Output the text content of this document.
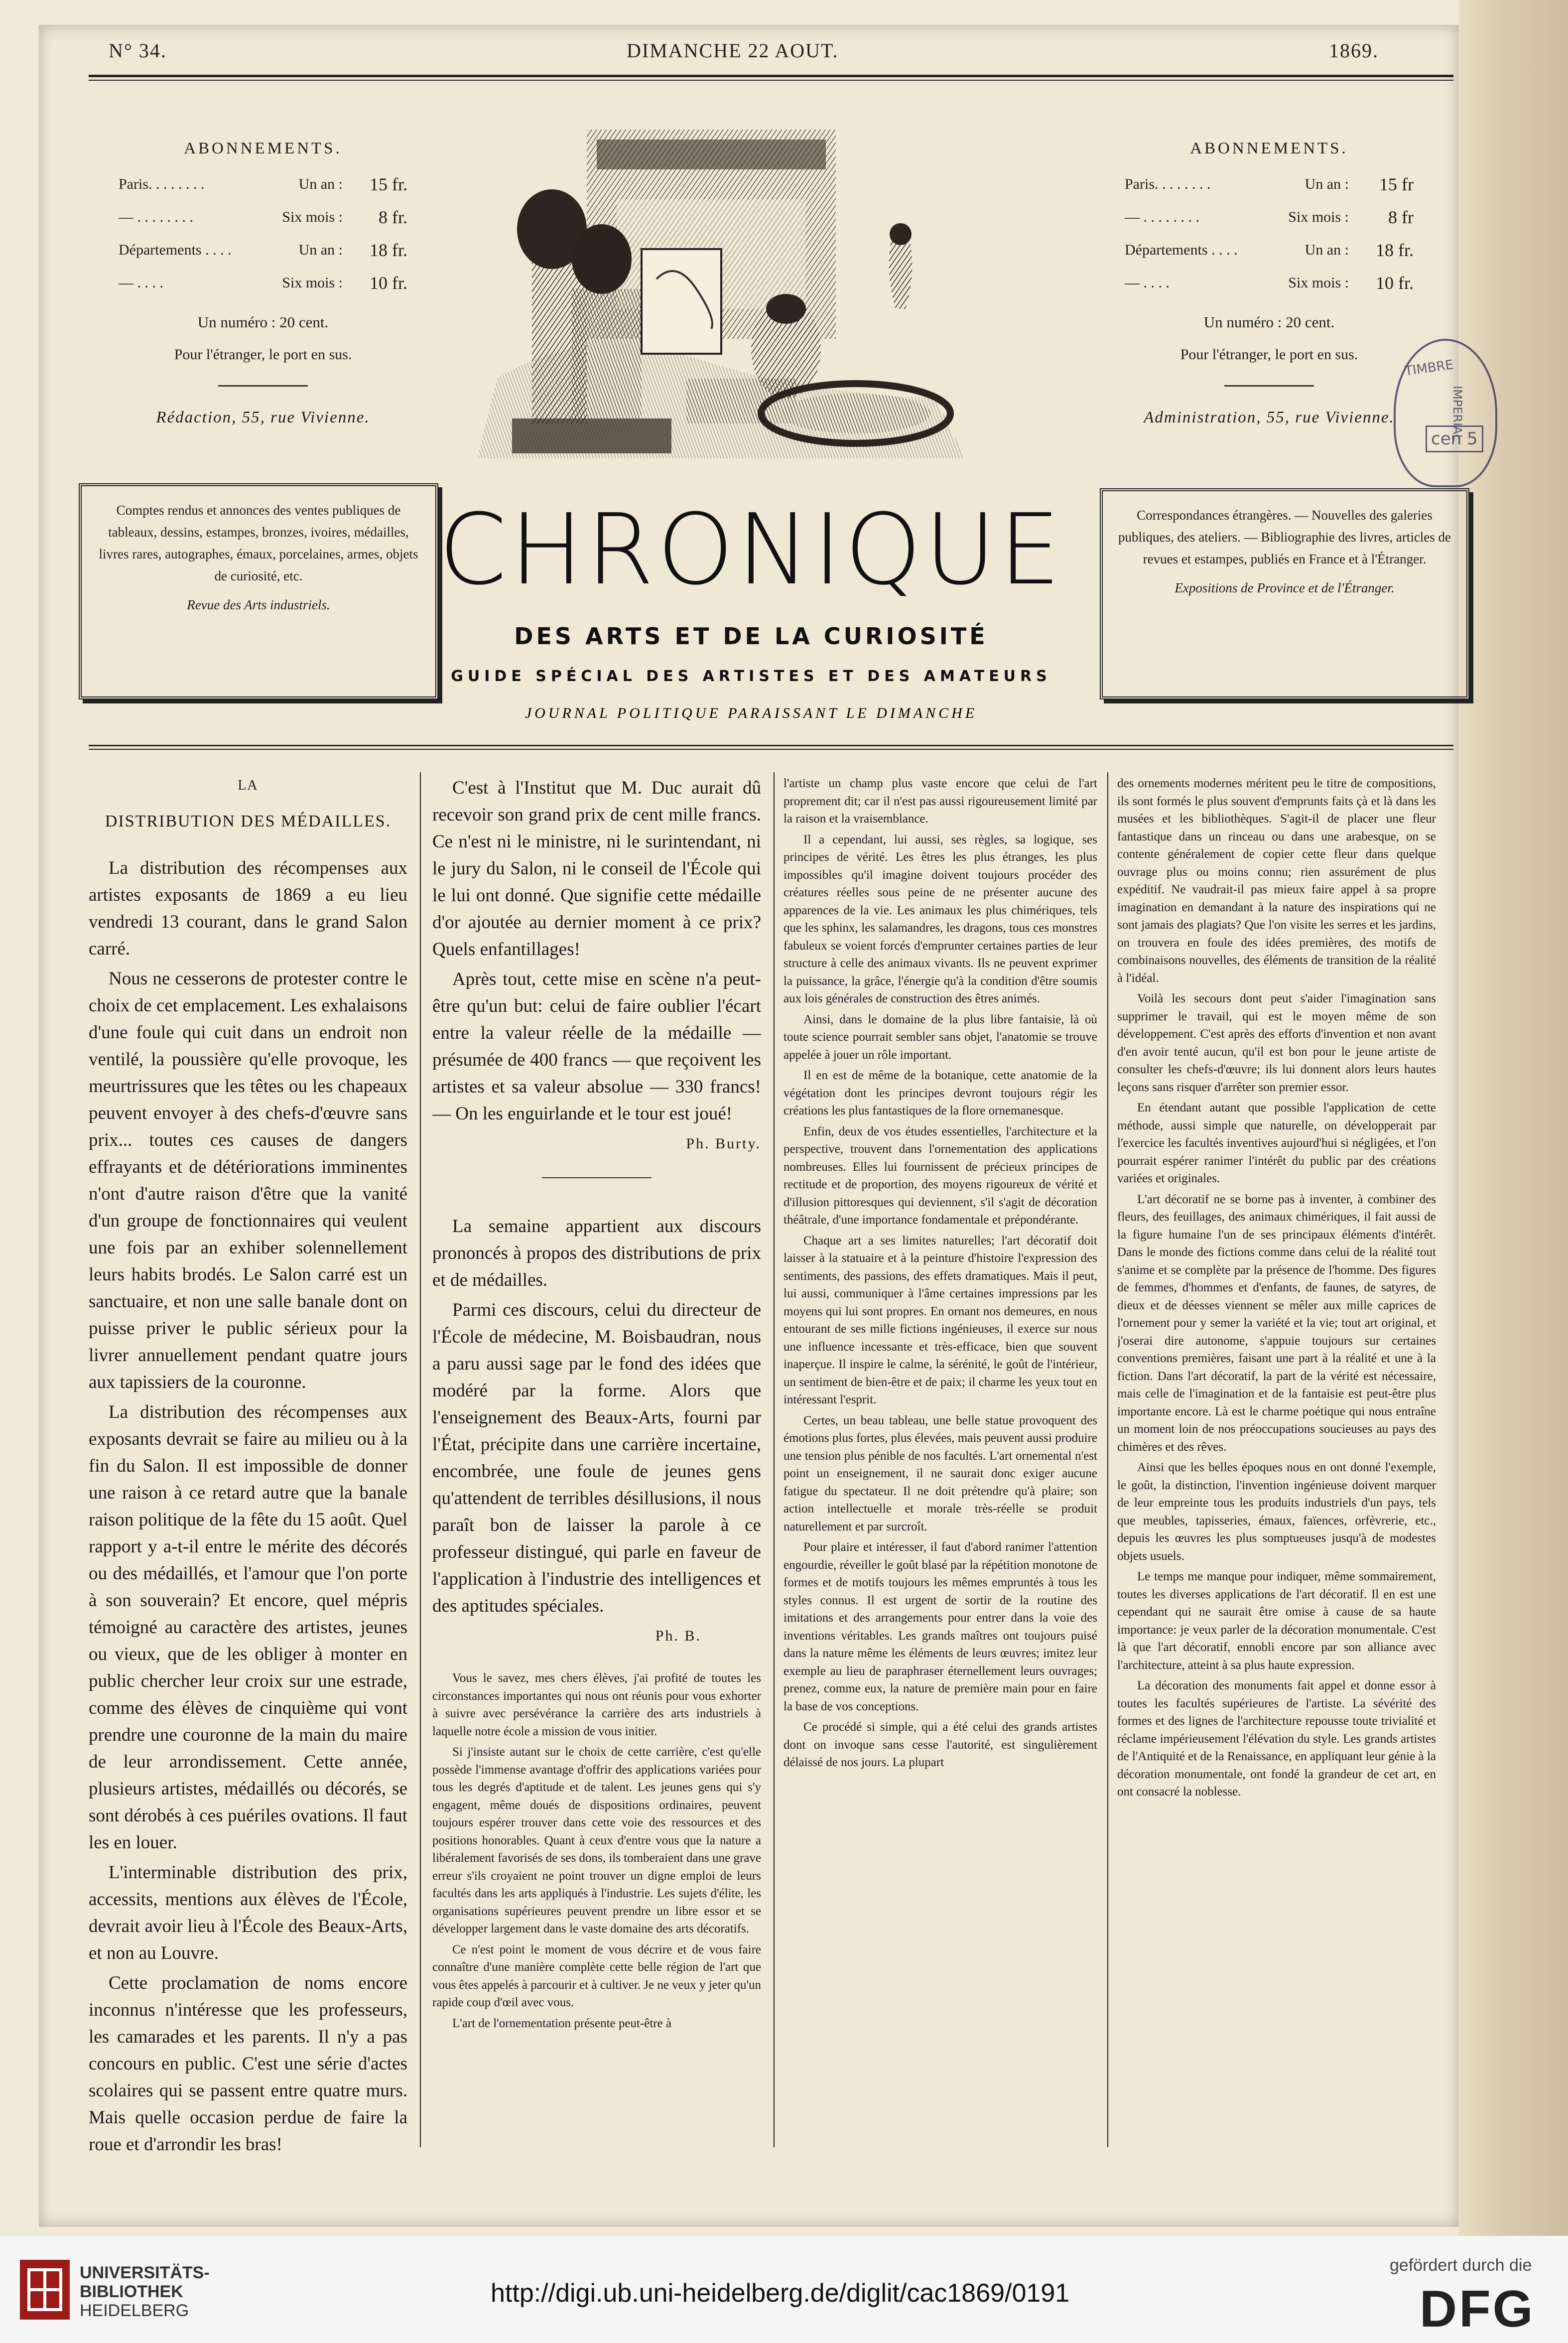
N° 34.	DIMANCHE 22 AOUT.	1869.
ABONNEMENTS.
Paris. . . . . . . .	Un an :	15 fr.
— . . . . . . . .	Six mois :	8 fr.
Départements . . . .	Un an :	18 fr.
— . . . .	Six mois :	10 fr.
Un numéro : 20 cent.
Pour l'étranger, le port en sus.
Rédaction, 55, rue Vivienne.
ABONNEMENTS.
Paris. . . . . . . .	Un an :	15 fr
— . . . . . . . .	Six mois :	8 fr
Départements . . . .	Un an :	18 fr.
— . . . .	Six mois :	10 fr.
Un numéro : 20 cent.
Pour l'étranger, le port en sus.
Administration, 55, rue Vivienne.
TIMBRE
IMPERIAL
cen 5
Comptes rendus et annonces des ventes publiques de tableaux, dessins, estampes, bronzes, ivoires, médailles, livres rares, autographes, émaux, porcelaines, armes, objets de curiosité, etc.
Revue des Arts industriels.
Correspondances étrangères. — Nouvelles des galeries publiques, des ateliers. — Bibliographie des livres, articles de revues et estampes, publiés en France et à l'Étranger.
Expositions de Province et de l'Étranger.
CHRONIQUE
DES ARTS ET DE LA CURIOSITÉ
GUIDE SPÉCIAL DES ARTISTES ET DES AMATEURS
JOURNAL POLITIQUE PARAISSANT LE DIMANCHE

LA

DISTRIBUTION DES MÉDAILLES.

La distribution des récompenses aux artistes exposants de 1869 a eu lieu vendredi 13 courant, dans le grand Salon carré.

Nous ne cesserons de protester contre le choix de cet emplacement. Les exhalaisons d'une foule qui cuit dans un endroit non ventilé, la poussière qu'elle provoque, les meurtrissures que les têtes ou les chapeaux peuvent envoyer à des chefs-d'œuvre sans prix... toutes ces causes de dangers effrayants et de détériorations imminentes n'ont d'autre raison d'être que la vanité d'un groupe de fonctionnaires qui veulent une fois par an exhiber solennellement leurs habits brodés. Le Salon carré est un sanctuaire, et non une salle banale dont on puisse priver le public sérieux pour la livrer annuellement pendant quatre jours aux tapissiers de la couronne.

La distribution des récompenses aux exposants devrait se faire au milieu ou à la fin du Salon. Il est impossible de donner une raison à ce retard autre que la banale raison politique de la fête du 15 août. Quel rapport y a-t-il entre le mérite des décorés ou des médaillés, et l'amour que l'on porte à son souverain? Et encore, quel mépris témoigné au caractère des artistes, jeunes ou vieux, que de les obliger à monter en public chercher leur croix sur une estrade, comme des élèves de cinquième qui vont prendre une couronne de la main du maire de leur arrondissement. Cette année, plusieurs artistes, médaillés ou décorés, se sont dérobés à ces puériles ovations. Il faut les en louer.

L'interminable distribution des prix, accessits, mentions aux élèves de l'École, devrait avoir lieu à l'École des Beaux-Arts, et non au Louvre.

Cette proclamation de noms encore inconnus n'intéresse que les professeurs, les camarades et les parents. Il n'y a pas concours en public. C'est une série d'actes scolaires qui se passent entre quatre murs. Mais quelle occasion perdue de faire la roue et d'arrondir les bras!

C'est à l'Institut que M. Duc aurait dû recevoir son grand prix de cent mille francs. Ce n'est ni le ministre, ni le surintendant, ni le jury du Salon, ni le conseil de l'École qui le lui ont donné. Que signifie cette médaille d'or ajoutée au dernier moment à ce prix? Quels enfantillages!

Après tout, cette mise en scène n'a peut-être qu'un but: celui de faire oublier l'écart entre la valeur réelle de la médaille — présumée de 400 francs — que reçoivent les artistes et sa valeur absolue — 330 francs! — On les enguirlande et le tour est joué!

Ph. Burty.

La semaine appartient aux discours prononcés à propos des distributions de prix et de médailles.

Parmi ces discours, celui du directeur de l'École de médecine, M. Boisbaudran, nous a paru aussi sage par le fond des idées que modéré par la forme. Alors que l'enseignement des Beaux-Arts, fourni par l'État, précipite dans une carrière incertaine, encombrée, une foule de jeunes gens qu'attendent de terribles désillusions, il nous paraît bon de laisser la parole à ce professeur distingué, qui parle en faveur de l'application à l'industrie des intelligences et des aptitudes spéciales.

Ph. B.

Vous le savez, mes chers élèves, j'ai profité de toutes les circonstances importantes qui nous ont réunis pour vous exhorter à suivre avec persévérance la carrière des arts industriels à laquelle notre école a mission de vous initier.

Si j'insiste autant sur le choix de cette carrière, c'est qu'elle possède l'immense avantage d'offrir des applications variées pour tous les degrés d'aptitude et de talent. Les jeunes gens qui s'y engagent, même doués de dispositions ordinaires, peuvent toujours espérer trouver dans cette voie des ressources et des positions honorables. Quant à ceux d'entre vous que la nature a libéralement favorisés de ses dons, ils tomberaient dans une grave erreur s'ils croyaient ne point trouver un digne emploi de leurs facultés dans les arts appliqués à l'industrie. Les sujets d'élite, les organisations supérieures peuvent prendre un libre essor et se développer largement dans le vaste domaine des arts décoratifs.

Ce n'est point le moment de vous décrire et de vous faire connaître d'une manière complète cette belle région de l'art que vous êtes appelés à parcourir et à cultiver. Je ne veux y jeter qu'un rapide coup d'œil avec vous.

L'art de l'ornementation présente peut-être à

l'artiste un champ plus vaste encore que celui de l'art proprement dit; car il n'est pas aussi rigoureusement limité par la raison et la vraisemblance.

Il a cependant, lui aussi, ses règles, sa logique, ses principes de vérité. Les êtres les plus étranges, les plus impossibles qu'il imagine doivent toujours procéder des créatures réelles sous peine de ne présenter aucune des apparences de la vie. Les animaux les plus chimériques, tels que les sphinx, les salamandres, les dragons, tous ces monstres fabuleux se voient forcés d'emprunter certaines parties de leur structure à celle des animaux vivants. Ils ne peuvent exprimer la puissance, la grâce, l'énergie qu'à la condition d'être soumis aux lois générales de construction des êtres animés.

Ainsi, dans le domaine de la plus libre fantaisie, là où toute science pourrait sembler sans objet, l'anatomie se trouve appelée à jouer un rôle important.

Il en est de même de la botanique, cette anatomie de la végétation dont les principes devront toujours régir les créations les plus fantastiques de la flore ornemanesque.

Enfin, deux de vos études essentielles, l'architecture et la perspective, trouvent dans l'ornementation des applications nombreuses. Elles lui fournissent de précieux principes de rectitude et de proportion, des moyens rigoureux de vérité et d'illusion pittoresques qui deviennent, s'il s'agit de décoration théâtrale, d'une importance fondamentale et prépondérante.

Chaque art a ses limites naturelles; l'art décoratif doit laisser à la statuaire et à la peinture d'histoire l'expression des sentiments, des passions, des effets dramatiques. Mais il peut, lui aussi, communiquer à l'âme certaines impressions par les moyens qui lui sont propres. En ornant nos demeures, en nous entourant de ses mille fictions ingénieuses, il exerce sur nous une influence incessante et très-efficace, bien que souvent inaperçue. Il inspire le calme, la sérénité, le goût de l'intérieur, un sentiment de bien-être et de paix; il charme les yeux tout en intéressant l'esprit.

Certes, un beau tableau, une belle statue provoquent des émotions plus fortes, plus élevées, mais peuvent aussi produire une tension plus pénible de nos facultés. L'art ornemental n'est point un enseignement, il ne saurait donc exiger aucune fatigue du spectateur. Il ne doit prétendre qu'à plaire; son action intellectuelle et morale très-réelle se produit naturellement et par surcroît.

Pour plaire et intéresser, il faut d'abord ranimer l'attention engourdie, réveiller le goût blasé par la répétition monotone de formes et de motifs toujours les mêmes empruntés à tous les styles connus. Il est urgent de sortir de la routine des imitations et des arrangements pour entrer dans la voie des inventions véritables. Les grands maîtres ont toujours puisé dans la nature même les éléments de leurs œuvres; imitez leur exemple au lieu de paraphraser éternellement leurs ouvrages; prenez, comme eux, la nature de première main pour en faire la base de vos conceptions.

Ce procédé si simple, qui a été celui des grands artistes dont on invoque sans cesse l'autorité, est singulièrement délaissé de nos jours. La plupart

des ornements modernes méritent peu le titre de compositions, ils sont formés le plus souvent d'emprunts faits çà et là dans les musées et les bibliothèques. S'agit-il de placer une fleur fantastique dans un rinceau ou dans une arabesque, on se contente généralement de copier cette fleur dans quelque ouvrage plus ou moins connu; rien assurément de plus expéditif. Ne vaudrait-il pas mieux faire appel à sa propre imagination en demandant à la nature des inspirations qui ne sont jamais des plagiats? Que l'on visite les serres et les jardins, on trouvera en foule des idées premières, des motifs de combinaisons nouvelles, des éléments de transition de la réalité à l'idéal.

Voilà les secours dont peut s'aider l'imagination sans supprimer le travail, qui est le moyen même de son développement. C'est après des efforts d'invention et non avant d'en avoir tenté aucun, qu'il est bon pour le jeune artiste de consulter les chefs-d'œuvre; ils lui donnent alors leurs hautes leçons sans risquer d'arrêter son premier essor.

En étendant autant que possible l'application de cette méthode, aussi simple que naturelle, on développerait par l'exercice les facultés inventives aujourd'hui si négligées, et l'on pourrait espérer ranimer l'intérêt du public par des créations variées et originales.

L'art décoratif ne se borne pas à inventer, à combiner des fleurs, des feuillages, des animaux chimériques, il fait aussi de la figure humaine l'un de ses principaux éléments d'intérêt. Dans le monde des fictions comme dans celui de la réalité tout s'anime et se complète par la présence de l'homme. Des figures de femmes, d'hommes et d'enfants, de faunes, de satyres, de dieux et de déesses viennent se mêler aux mille caprices de l'ornement pour y semer la variété et la vie; tout art original, et j'oserai dire autonome, s'appuie toujours sur certaines conventions premières, faisant une part à la réalité et une à la fiction. Dans l'art décoratif, la part de la vérité est nécessaire, mais celle de l'imagination et de la fantaisie est peut-être plus importante encore. Là est le charme poétique qui nous entraîne un moment loin de nos préoccupations soucieuses au pays des chimères et des rêves.

Ainsi que les belles époques nous en ont donné l'exemple, le goût, la distinction, l'invention ingénieuse doivent marquer de leur empreinte tous les produits industriels d'un pays, tels que meubles, tapisseries, émaux, faïences, orfèvrerie, etc., depuis les œuvres les plus somptueuses jusqu'à de modestes objets usuels.

Le temps me manque pour indiquer, même sommairement, toutes les diverses applications de l'art décoratif. Il en est une cependant qui ne saurait être omise à cause de sa haute importance: je veux parler de la décoration monumentale. C'est là que l'art décoratif, ennobli encore par son alliance avec l'architecture, atteint à sa plus haute expression.

La décoration des monuments fait appel et donne essor à toutes les facultés supérieures de l'artiste. La sévérité des formes et des lignes de l'architecture repousse toute trivialité et réclame impérieusement l'élévation du style. Les grands artistes de l'Antiquité et de la Renaissance, en appliquant leur génie à la décoration monumentale, ont fondé la grandeur de cet art, en ont consacré la noblesse.

UNIVERSITÄTS-
BIBLIOTHEK
HEIDELBERG
http://digi.ub.uni-heidelberg.de/diglit/cac1869/0191
gefördert durch die
DFG
